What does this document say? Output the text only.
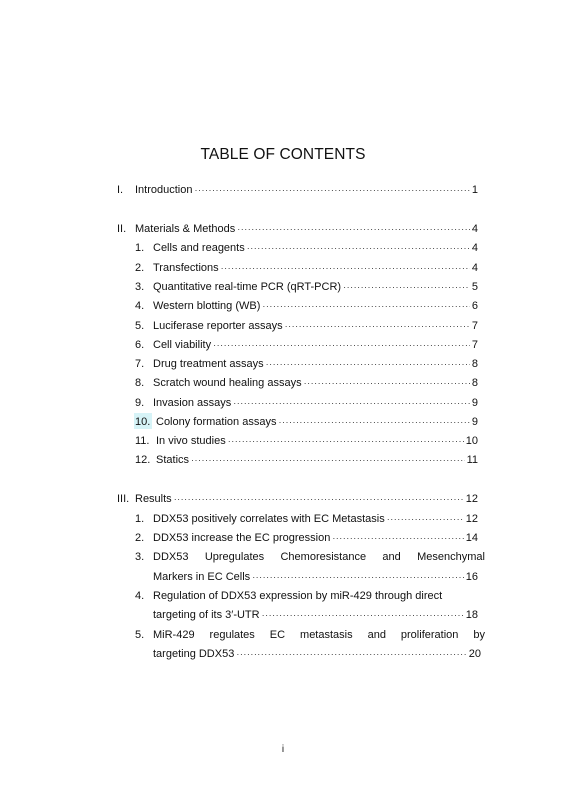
TABLE OF CONTENTS
I. Introduction ·····	1
II. Materials & Methods ·····	4
1. Cells and reagents ·····	4
2. Transfections ·····	4
3. Quantitative real-time PCR (qRT-PCR) ·····	5
4. Western blotting (WB) ·····	6
5. Luciferase reporter assays ·····	7
6. Cell viability ·····	7
7. Drug treatment assays ·····	8
8. Scratch wound healing assays ·····	8
9. Invasion assays ·····	9
10. Colony formation assays ·····	9
11. In vivo studies ·····	10
12. Statics ·····	11
III. Results ·····	12
1. DDX53 positively correlates with EC Metastasis ·····	12
2. DDX53 increase the EC progression ·····	14
3. DDX53 Upregulates Chemoresistance and Mesenchymal
Markers in EC Cells ·····	16
4. Regulation of DDX53 expression by miR-429 through direct
targeting of its 3′-UTR ·····	18
5. MiR-429 regulates EC metastasis and proliferation by
targeting DDX53 ·····	20
i
